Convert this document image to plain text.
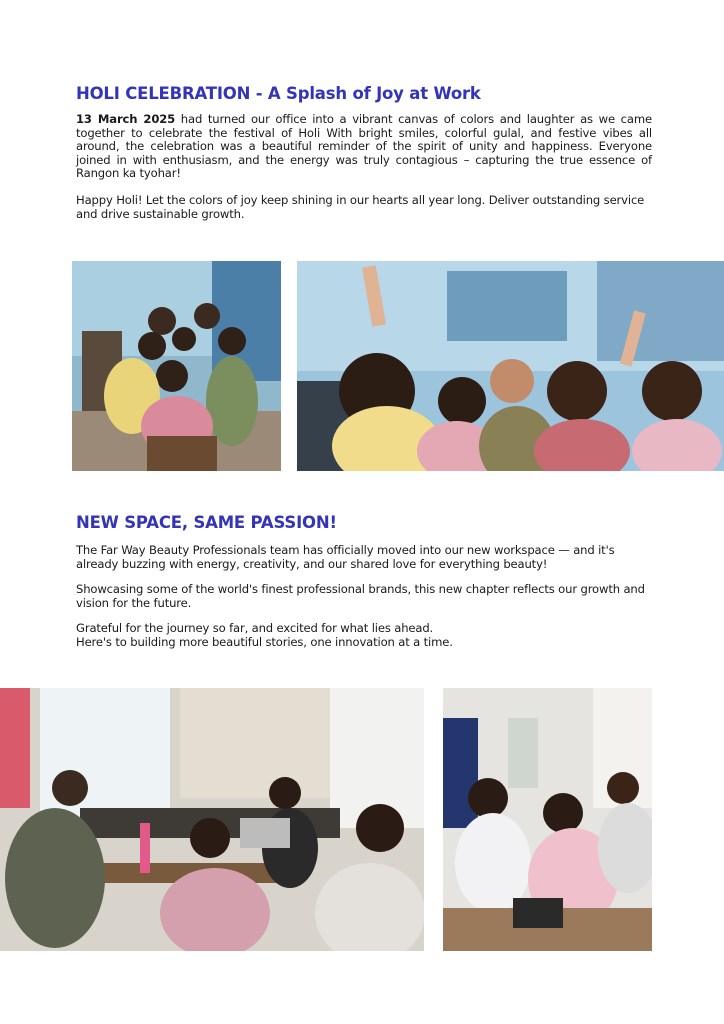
HOLI CELEBRATION - A Splash of Joy at Work

13 March 2025 had turned our office into a vibrant canvas of colors and laughter as we came together to celebrate the festival of Holi With bright smiles, colorful gulal, and festive vibes all around, the celebration was a beautiful reminder of the spirit of unity and happiness. Everyone joined in with enthusiasm, and the energy was truly contagious – capturing the true essence of Rangon ka tyohar!

Happy Holi! Let the colors of joy keep shining in our hearts all year long. Deliver outstanding service and drive sustainable growth.

NEW SPACE, SAME PASSION!

The Far Way Beauty Professionals team has officially moved into our new workspace — and it's already buzzing with energy, creativity, and our shared love for everything beauty!

Showcasing some of the world's finest professional brands, this new chapter reflects our growth and vision for the future.

Grateful for the journey so far, and excited for what lies ahead.
Here's to building more beautiful stories, one innovation at a time.
